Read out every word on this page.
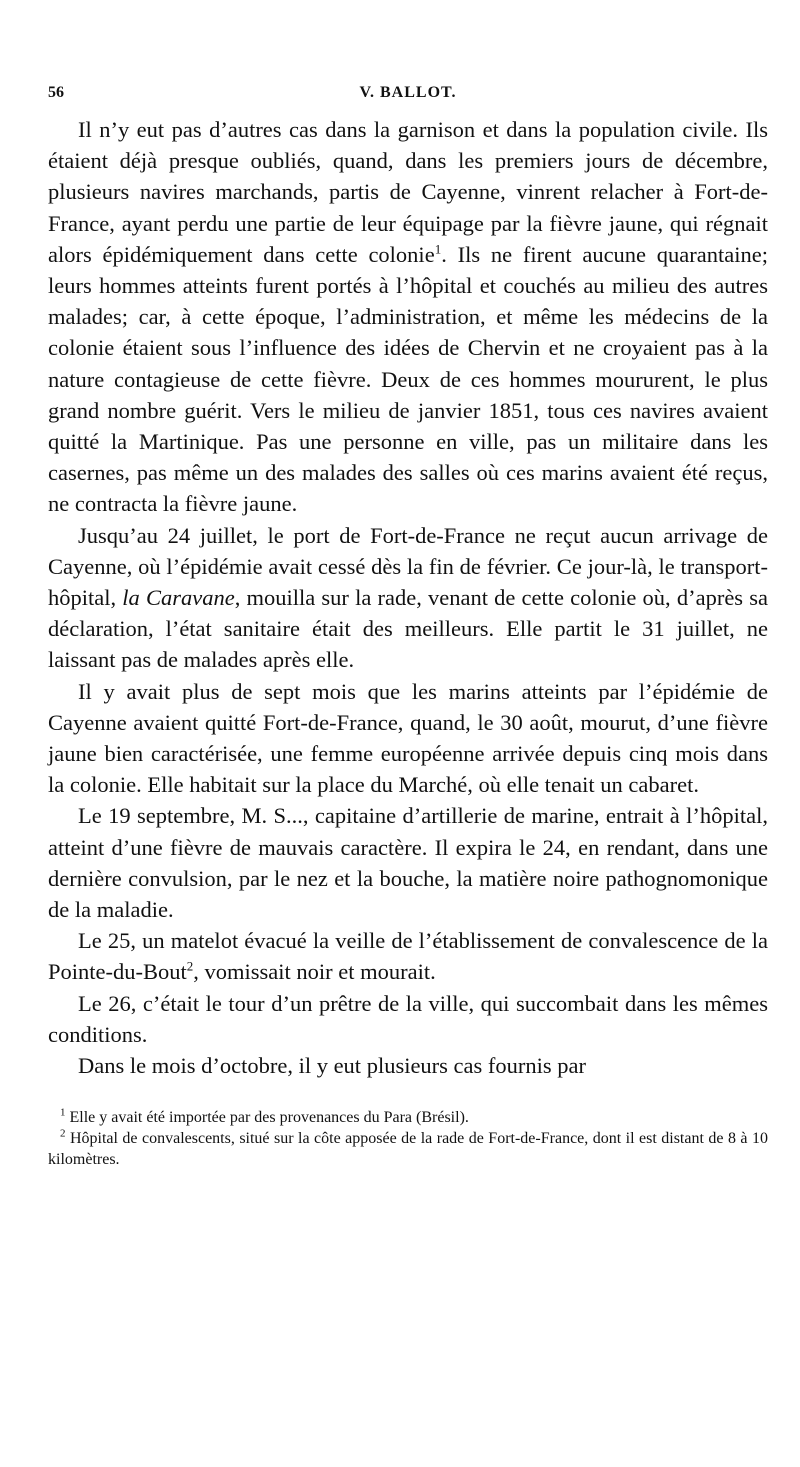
56	V. BALLOT.

Il n’y eut pas d’autres cas dans la garnison et dans la population civile. Ils étaient déjà presque oubliés, quand, dans les premiers jours de décembre, plusieurs navires marchands, partis de Cayenne, vinrent relacher à Fort-de-France, ayant perdu une partie de leur équipage par la fièvre jaune, qui régnait alors épidémiquement dans cette colonie$^1$. Ils ne firent aucune quarantaine; leurs hommes atteints furent portés à l’hôpital et couchés au milieu des autres malades; car, à cette époque, l’administration, et même les médecins de la colonie étaient sous l’influence des idées de Chervin et ne croyaient pas à la nature contagieuse de cette fièvre. Deux de ces hommes moururent, le plus grand nombre guérit. Vers le milieu de janvier 1851, tous ces navires avaient quitté la Martinique. Pas une personne en ville, pas un militaire dans les casernes, pas même un des malades des salles où ces marins avaient été reçus, ne contracta la fièvre jaune.

Jusqu’au 24 juillet, le port de Fort-de-France ne reçut aucun arrivage de Cayenne, où l’épidémie avait cessé dès la fin de février. Ce jour-là, le transport-hôpital, la Caravane, mouilla sur la rade, venant de cette colonie où, d’après sa déclaration, l’état sanitaire était des meilleurs. Elle partit le 31 juillet, ne laissant pas de malades après elle.

Il y avait plus de sept mois que les marins atteints par l’épidémie de Cayenne avaient quitté Fort-de-France, quand, le 30 août, mourut, d’une fièvre jaune bien caractérisée, une femme européenne arrivée depuis cinq mois dans la colonie. Elle habitait sur la place du Marché, où elle tenait un cabaret.

Le 19 septembre, M. S..., capitaine d’artillerie de marine, entrait à l’hôpital, atteint d’une fièvre de mauvais caractère. Il expira le 24, en rendant, dans une dernière convulsion, par le nez et la bouche, la matière noire pathognomonique de la maladie.

Le 25, un matelot évacué la veille de l’établissement de convalescence de la Pointe-du-Bout$^2$, vomissait noir et mourait.

Le 26, c’était le tour d’un prêtre de la ville, qui succombait dans les mêmes conditions.

Dans le mois d’octobre, il y eut plusieurs cas fournis par

$^1$ Elle y avait été importée par des provenances du Para (Brésil).

$^2$ Hôpital de convalescents, situé sur la côte apposée de la rade de Fort-de-France, dont il est distant de 8 à 10 kilomètres.
